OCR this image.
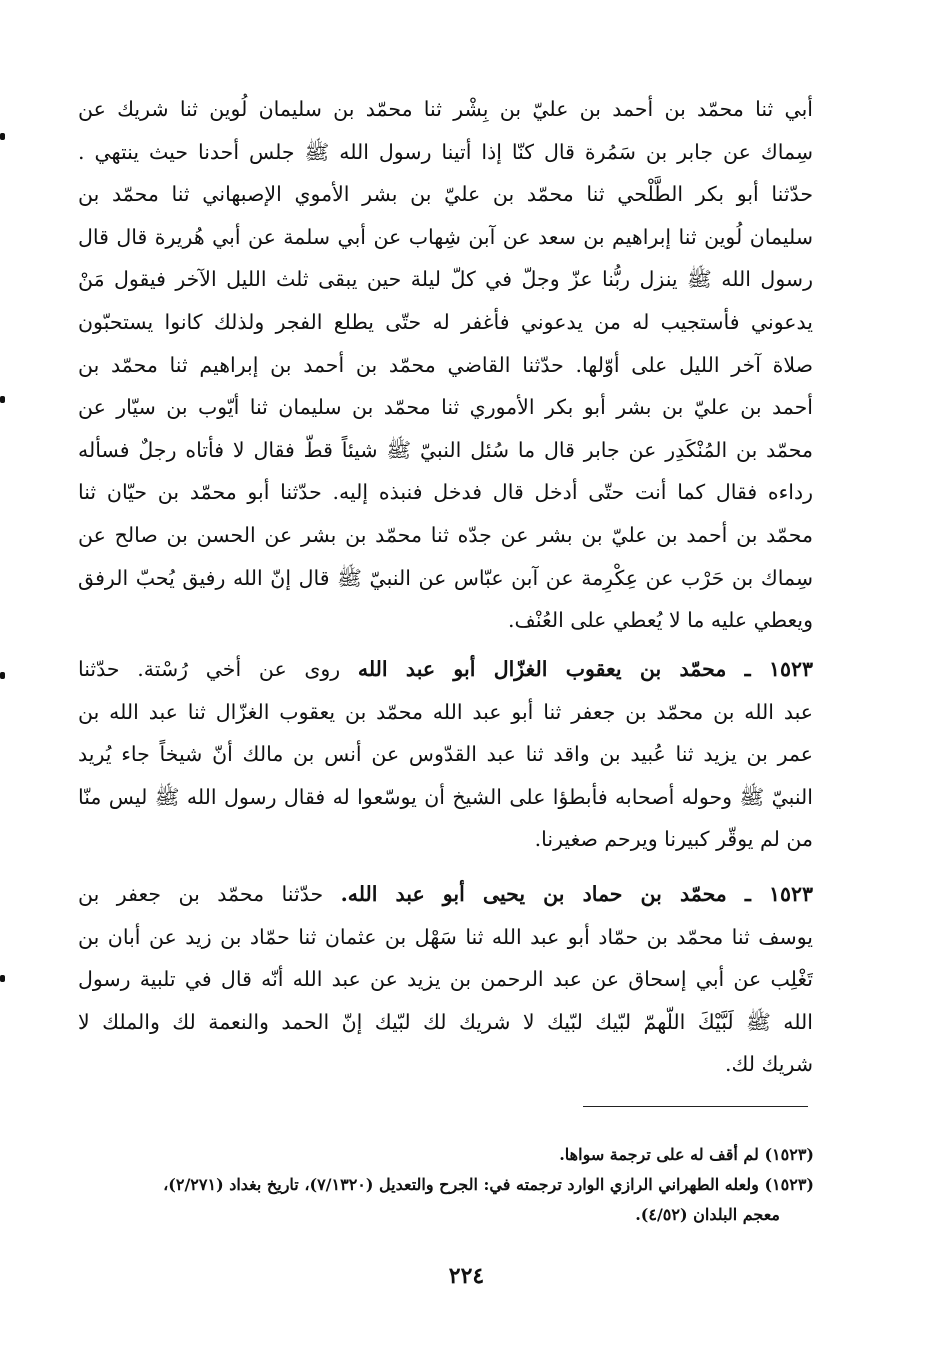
أبي ثنا محمّد بن أحمد بن عليّ بن بِشْر ثنا محمّد بن سليمان لُوين ثنا شريك عن
سِماك عن جابر بن سَمُرة قال كنّا إذا أتينا رسول الله ﷺ جلس أحدنا حيث ينتهي .
حدّثنا أبو بكر الطَّلْحي ثنا محمّد بن عليّ بن بشر الأموي الإصبهاني ثنا محمّد بن
سليمان لُوين ثنا إبراهيم بن سعد عن آبن شِهاب عن أبي سلمة عن أبي هُريرة قال قال
رسول الله ﷺ ينزل ربُّنا عزّ وجلّ في كلّ ليلة حين يبقى ثلث الليل الآخر فيقول مَنْ
يدعوني فأستجيب له من يدعوني فأغفر له حتّى يطلع الفجر ولذلك كانوا يستحبّون
صلاة آخر الليل على أوّلها. حدّثنا القاضي محمّد بن أحمد بن إبراهيم ثنا محمّد بن
أحمد بن عليّ بن بشر أبو بكر الأموري ثنا محمّد بن سليمان ثنا أيّوب بن سيّار عن
محمّد بن المُنْكَدِر عن جابر قال ما سُئل النبيّ ﷺ شيئاً قطّ فقال لا فأتاه رجلٌ فسأله
رداءه فقال كما أنت حتّى أدخل قال فدخل فنبذه إليه. حدّثنا أبو محمّد بن حيّان ثنا
محمّد بن أحمد بن عليّ بن بشر عن جدّه ثنا محمّد بن بشر عن الحسن بن صالح عن
سِماك بن حَرْب عن عِكْرِمة عن آبن عبّاس عن النبيّ ﷺ قال إنّ الله رفيق يُحبّ الرفق
ويعطي عليه ما لا يُعطي على العُنْف.
١٥٢٣ ـ محمّد بن يعقوب الغزّال أبو عبد الله روى عن أخي رُسْتة. حدّثنا
عبد الله بن محمّد بن جعفر ثنا أبو عبد الله محمّد بن يعقوب الغزّال ثنا عبد الله بن
عمر بن يزيد ثنا عُبيد بن واقد ثنا عبد القدّوس عن أنس بن مالك أنّ شيخاً جاء يُريد
النبيّ ﷺ وحوله أصحابه فأبطؤا على الشيخ أن يوسّعوا له فقال رسول الله ﷺ ليس منّا
من لم يوقّر كبيرنا ويرحم صغيرنا.
١٥٢٣ ـ محمّد بن حماد بن يحيى أبو عبد الله. حدّثنا محمّد بن جعفر بن
يوسف ثنا محمّد بن حمّاد أبو عبد الله ثنا سَهْل بن عثمان ثنا حمّاد بن زيد عن أبان بن
تَغْلِب عن أبي إسحاق عن عبد الرحمن بن يزيد عن عبد الله أنّه قال في تلبية رسول
الله ﷺ لَبَّيْكَ اللّهمّ لبّيك لبّيك لا شريك لك لبّيك إنّ الحمد والنعمة لك والملك لا
شريك لك.
(١٥٢٣) لم أقف له على ترجمة سواها.
(١٥٢٣) ولعله الطهراني الرازي الوارد ترجمته في: الجرح والتعديل (٧/١٣٢٠)، تاريخ بغداد (٢/٢٧١)،
معجم البلدان (٤/٥٢).
٢٢٤
